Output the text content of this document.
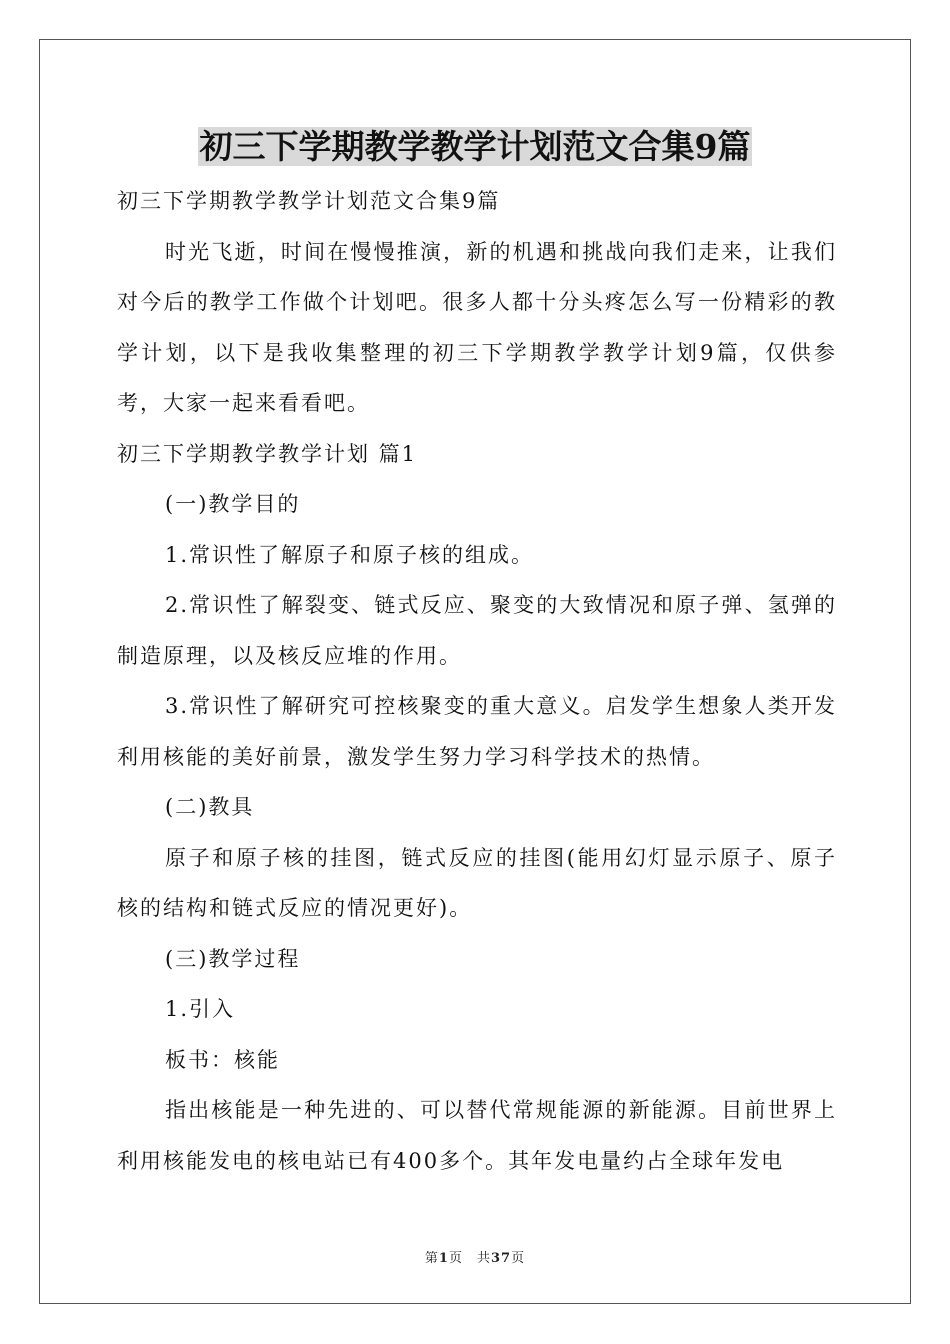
初三下学期教学教学计划范文合集9篇

初三下学期教学教学计划范文合集9篇

时光飞逝，时间在慢慢推演，新的机遇和挑战向我们走来，让我们对今后的教学工作做个计划吧。很多人都十分头疼怎么写一份精彩的教学计划，以下是我收集整理的初三下学期教学教学计划9篇，仅供参考，大家一起来看看吧。

初三下学期教学教学计划 篇1

(一)教学目的

1.常识性了解原子和原子核的组成。

2.常识性了解裂变、链式反应、聚变的大致情况和原子弹、氢弹的制造原理，以及核反应堆的作用。

3.常识性了解研究可控核聚变的重大意义。启发学生想象人类开发利用核能的美好前景，激发学生努力学习科学技术的热情。

(二)教具

原子和原子核的挂图，链式反应的挂图(能用幻灯显示原子、原子核的结构和链式反应的情况更好)。

(三)教学过程

1.引入

板书：核能

指出核能是一种先进的、可以替代常规能源的新能源。目前世界上利用核能发电的核电站已有400多个。其年发电量约占全球年发电

第1页　共37页
